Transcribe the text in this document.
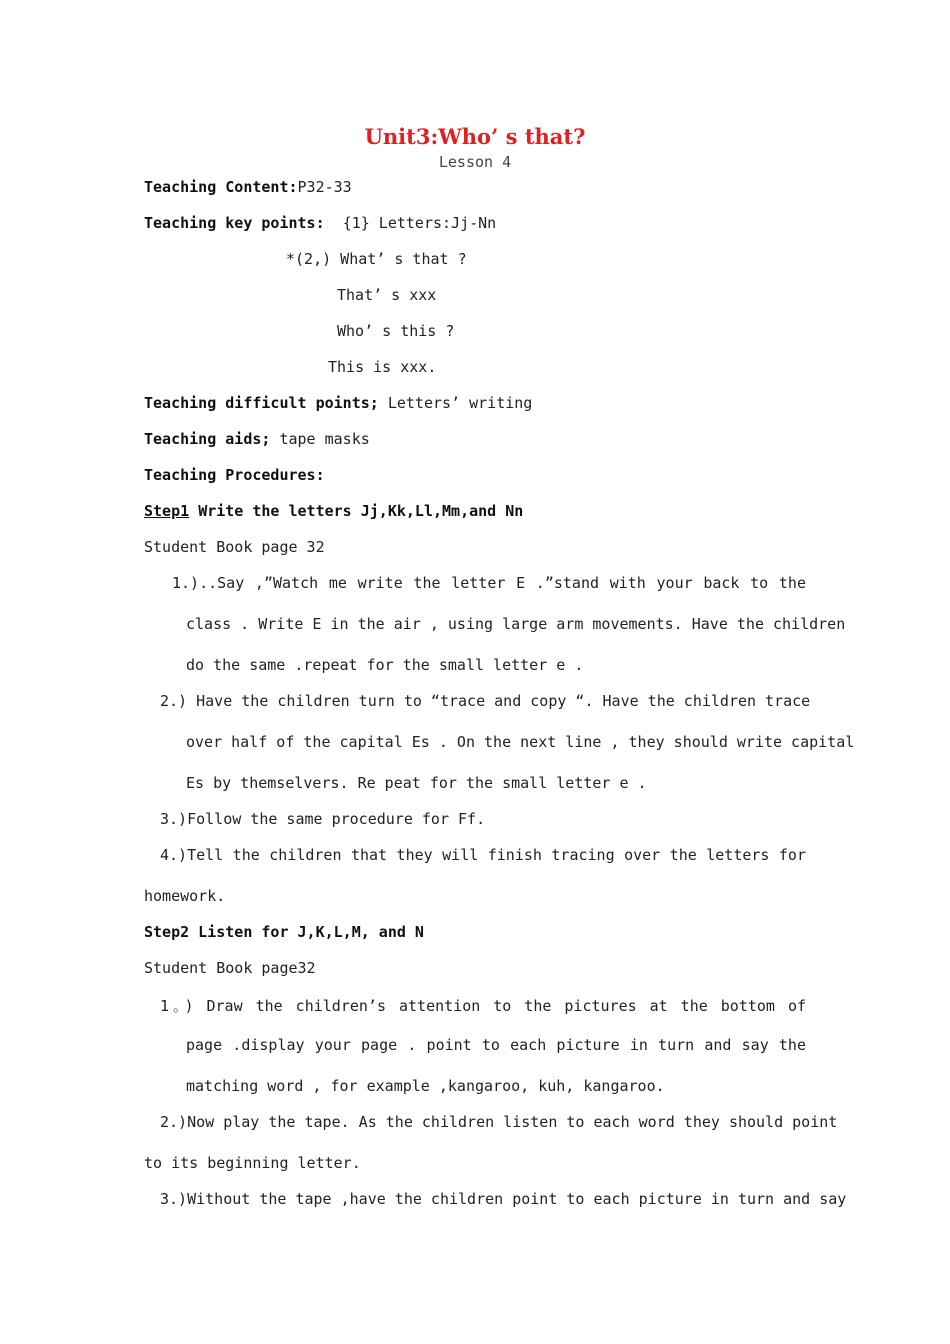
Unit3:Who’ s that?
Lesson 4
Teaching Content:P32-33
Teaching key points: {1} Letters:Jj-Nn
*(2,) What’ s that ?
That’ s xxx
Who’ s this ?
This is xxx.
Teaching difficult points; Letters’ writing
Teaching aids; tape masks
Teaching Procedures:
Step1 Write the letters Jj,Kk,Ll,Mm,and Nn
Student Book page 32
1.)..Say ,”Watch me write the letter E .”stand with your back to the
class . Write E in the air , using large arm movements. Have the children
do the same .repeat for the small letter e .
2.) Have the children turn to “trace and copy “. Have the children trace
over half of the capital Es . On the next line , they should write capital
Es by themselvers. Re peat for the small letter e .
3.)Follow the same procedure for Ff.
4.)Tell the children that they will finish tracing over the letters for
homework.
Step2 Listen for J,K,L,M, and N
Student Book page32
1。) Draw the children’s attention to the pictures at the bottom of
page .display your page . point to each picture in turn and say the
matching word , for example ,kangaroo, kuh, kangaroo.
2.)Now play the tape. As the children listen to each word they should point
to its beginning letter.
3.)Without the tape ,have the children point to each picture in turn and say
